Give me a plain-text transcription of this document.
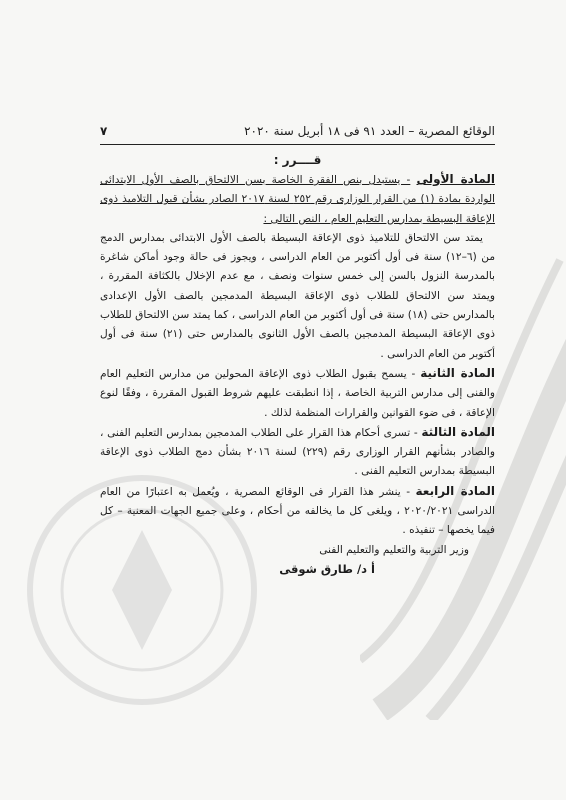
الوقائع المصرية – العدد ٩١ فى ١٨ أبريل سنة ٢٠٢٠
٧

قــــرر :

المادة الأولى - يستبدل بنص الفقرة الخاصة بسن الالتحاق بالصف الأول الابتدائى الواردة بمادة (١) من القرار الوزارى رقم ٢٥٢ لسنة ٢٠١٧ الصادر بشأن قبول التلاميذ ذوى الإعاقة البسيطة بمدارس التعليم العام ، النص التالى :

يمتد سن الالتحاق للتلاميذ ذوى الإعاقة البسيطة بالصف الأول الابتدائى بمدارس الدمج من (٦–١٢) سنة فى أول أكتوبر من العام الدراسى ، ويجوز فى حالة وجود أماكن شاغرة بالمدرسة النزول بالسن إلى خمس سنوات ونصف ، مع عدم الإخلال بالكثافة المقررة ، ويمتد سن الالتحاق للطلاب ذوى الإعاقة البسيطة المدمجين بالصف الأول الإعدادى بالمدارس حتى (١٨) سنة فى أول أكتوبر من العام الدراسى ، كما يمتد سن الالتحاق للطلاب ذوى الإعاقة البسيطة المدمجين بالصف الأول الثانوى بالمدارس حتى (٢١) سنة فى أول أكتوبر من العام الدراسى .

المادة الثانية - يسمح بقبول الطلاب ذوى الإعاقة المحولين من مدارس التعليم العام والفنى إلى مدارس التربية الخاصة ، إذا انطبقت عليهم شروط القبول المقررة ، وفقًا لنوع الإعاقة ، فى ضوء القوانين والقرارات المنظمة لذلك .

المادة الثالثة - تسرى أحكام هذا القرار على الطلاب المدمجين بمدارس التعليم الفنى ، والصادر بشأنهم القرار الوزارى رقم (٢٢٩) لسنة ٢٠١٦ بشأن دمج الطلاب ذوى الإعاقة البسيطة بمدارس التعليم الفنى .

المادة الرابعة - ينشر هذا القرار فى الوقائع المصرية ، ويُعمل به اعتبارًا من العام الدراسى ٢٠٢٠/٢٠٢١ ، ويلغى كل ما يخالفه من أحكام ، وعلى جميع الجهات المعنية – كل فيما يخصها – تنفيذه .

وزير التربية والتعليم والتعليم الفنى

أ د/ طارق شوقى
